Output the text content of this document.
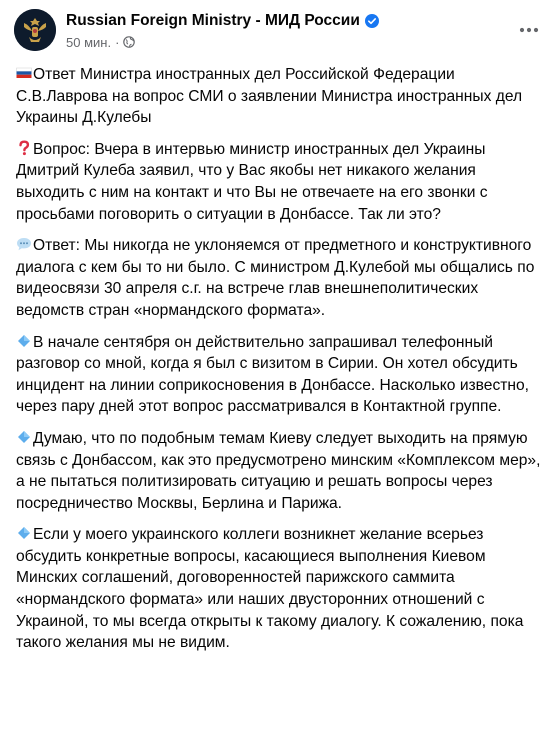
Russian Foreign Ministry - МИД России
50 мин. ·

Ответ Министра иностранных дел Российской Федерации С.В.Лаврова на вопрос СМИ о заявлении Министра иностранных дел Украины Д.Кулебы

Вопрос: Вчера в интервью министр иностранных дел Украины Дмитрий Кулеба заявил, что у Вас якобы нет никакого желания выходить с ним на контакт и что Вы не отвечаете на его звонки с просьбами поговорить о ситуации в Донбассе. Так ли это?

Ответ: Мы никогда не уклоняемся от предметного и конструктивного диалога с кем бы то ни было. С министром Д.Кулебой мы общались по видеосвязи 30 апреля с.г. на встрече глав внешнеполитических ведомств стран «нормандского формата».

В начале сентября он действительно запрашивал телефонный разговор со мной, когда я был с визитом в Сирии. Он хотел обсудить инцидент на линии соприкосновения в Донбассе. Насколько известно, через пару дней этот вопрос рассматривался в Контактной группе.

Думаю, что по подобным темам Киеву следует выходить на прямую связь с Донбассом, как это предусмотрено минским «Комплексом мер», а не пытаться политизировать ситуацию и решать вопросы через посредничество Москвы, Берлина и Парижа.

Если у моего украинского коллеги возникнет желание всерьез обсудить конкретные вопросы, касающиеся выполнения Киевом Минских соглашений, договоренностей парижского саммита «нормандского формата» или наших двусторонних отношений с Украиной, то мы всегда открыты к такому диалогу. К сожалению, пока такого желания мы не видим.
